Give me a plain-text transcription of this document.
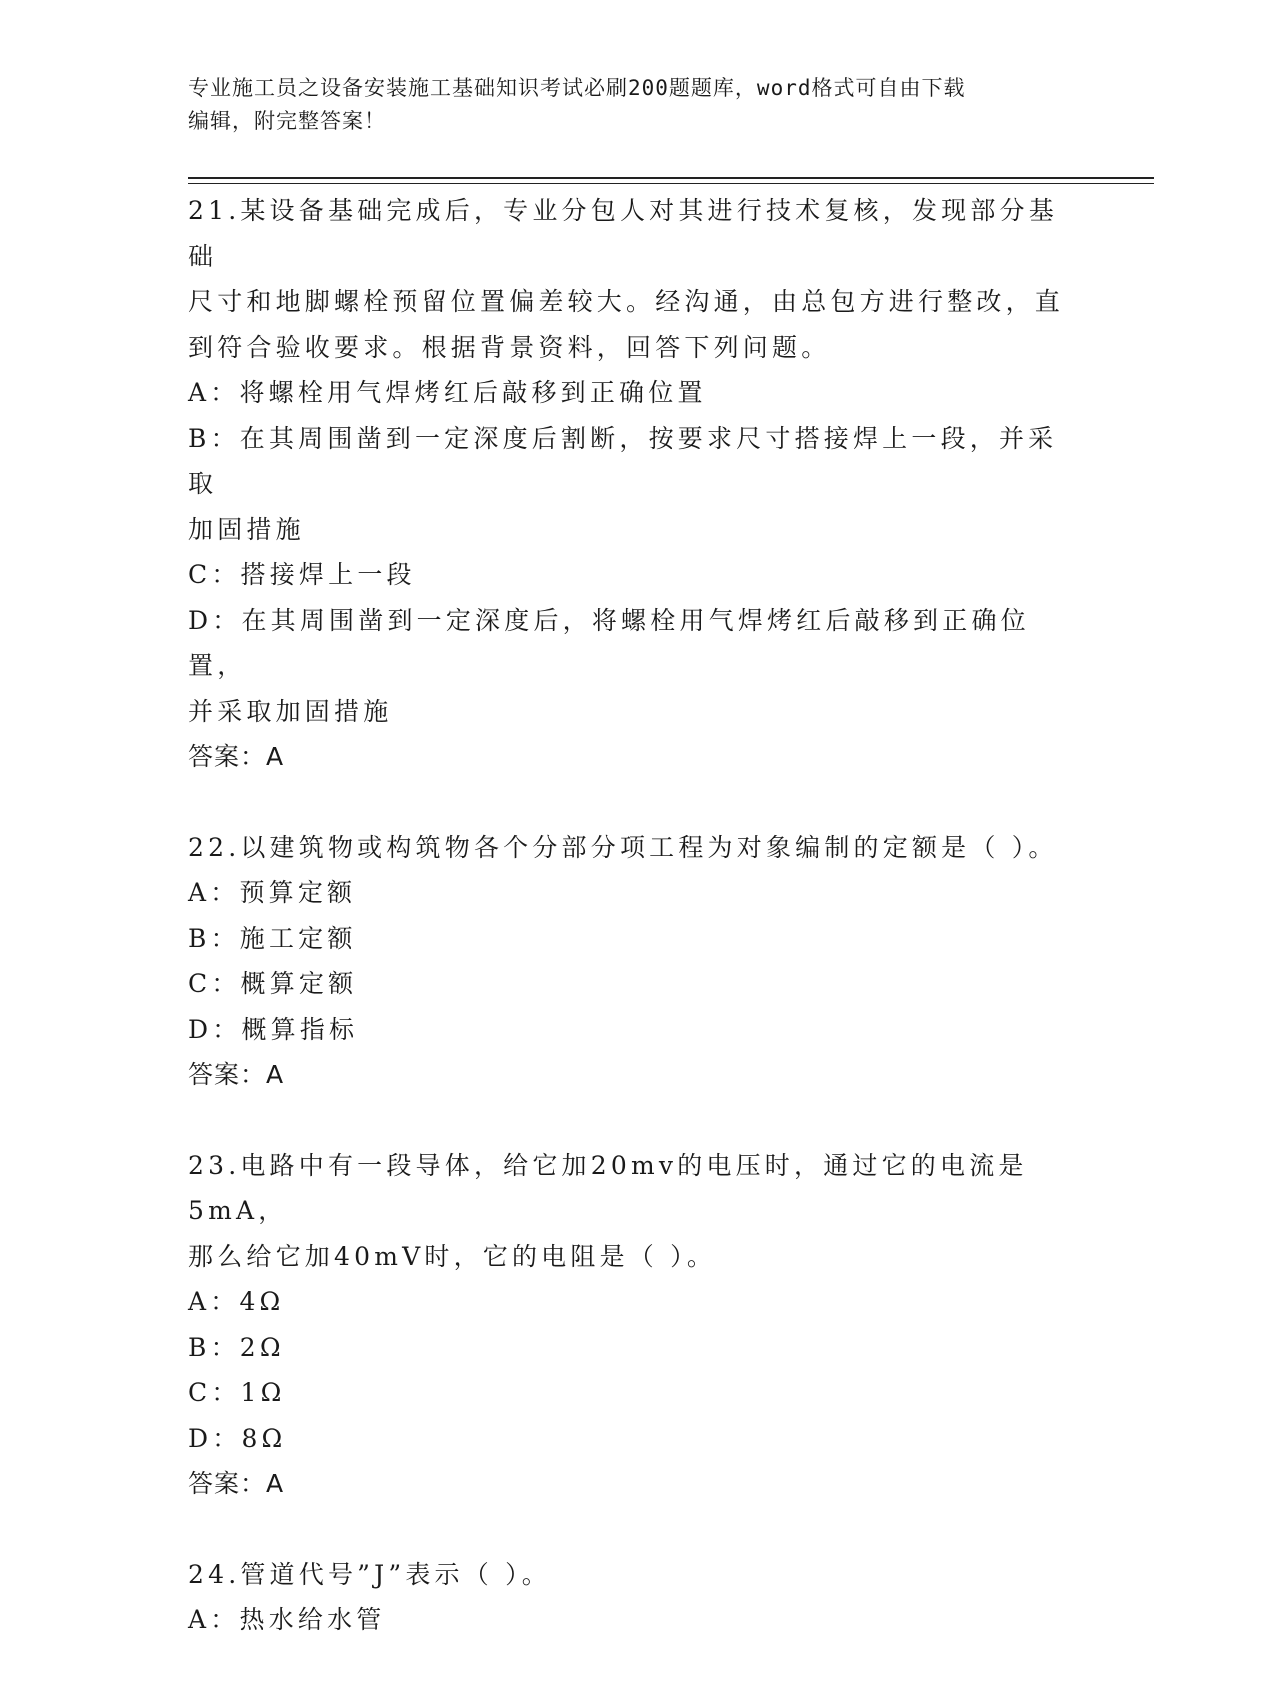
专业施工员之设备安装施工基础知识考试必刷200题题库，word格式可自由下载
编辑，附完整答案！
21.某设备基础完成后，专业分包人对其进行技术复核，发现部分基础
尺寸和地脚螺栓预留位置偏差较大。经沟通，由总包方进行整改，直
到符合验收要求。根据背景资料，回答下列问题。
A：将螺栓用气焊烤红后敲移到正确位置
B：在其周围凿到一定深度后割断，按要求尺寸搭接焊上一段，并采取
加固措施
C：搭接焊上一段
D：在其周围凿到一定深度后，将螺栓用气焊烤红后敲移到正确位置，
并采取加固措施
答案：A
22.以建筑物或构筑物各个分部分项工程为对象编制的定额是（ ）。
A：预算定额
B：施工定额
C：概算定额
D：概算指标
答案：A
23.电路中有一段导体，给它加20mv的电压时，通过它的电流是5mA，
那么给它加40mV时，它的电阻是（ ）。
A：4Ω
B：2Ω
C：1Ω
D：8Ω
答案：A
24.管道代号”J”表示（ ）。
A：热水给水管
